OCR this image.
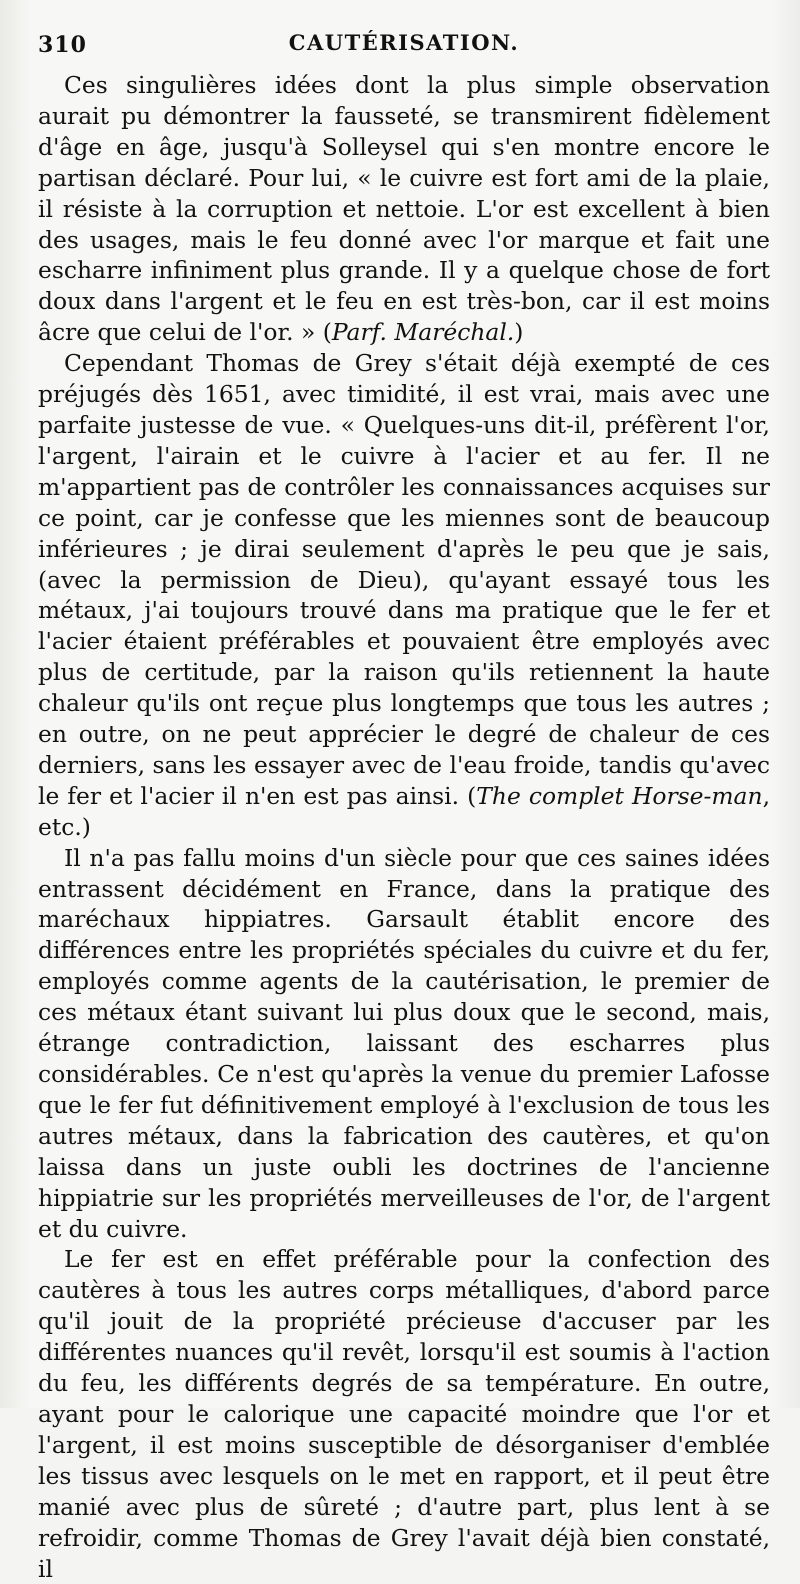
310	CAUTÉRISATION.

Ces singulières idées dont la plus simple observation aurait pu démontrer la fausseté, se transmirent fidèlement d'âge en âge, jusqu'à Solleysel qui s'en montre encore le partisan déclaré. Pour lui, « le cuivre est fort ami de la plaie, il résiste à la corruption et nettoie. L'or est excellent à bien des usages, mais le feu donné avec l'or marque et fait une escharre infiniment plus grande. Il y a quelque chose de fort doux dans l'argent et le feu en est très-bon, car il est moins âcre que celui de l'or. » (Parf. Maréchal.)

Cependant Thomas de Grey s'était déjà exempté de ces préjugés dès 1651, avec timidité, il est vrai, mais avec une parfaite justesse de vue. « Quelques-uns dit-il, préfèrent l'or, l'argent, l'airain et le cuivre à l'acier et au fer. Il ne m'appartient pas de contrôler les connaissances acquises sur ce point, car je confesse que les miennes sont de beaucoup inférieures ; je dirai seulement d'après le peu que je sais, (avec la permission de Dieu), qu'ayant essayé tous les métaux, j'ai toujours trouvé dans ma pratique que le fer et l'acier étaient préférables et pouvaient être employés avec plus de certitude, par la raison qu'ils retiennent la haute chaleur qu'ils ont reçue plus longtemps que tous les autres ; en outre, on ne peut apprécier le degré de chaleur de ces derniers, sans les essayer avec de l'eau froide, tandis qu'avec le fer et l'acier il n'en est pas ainsi. (The complet Horse-man, etc.)

Il n'a pas fallu moins d'un siècle pour que ces saines idées entrassent décidément en France, dans la pratique des maréchaux hippiatres. Garsault établit encore des différences entre les propriétés spéciales du cuivre et du fer, employés comme agents de la cautérisation, le premier de ces métaux étant suivant lui plus doux que le second, mais, étrange contradiction, laissant des escharres plus considérables. Ce n'est qu'après la venue du premier Lafosse que le fer fut définitivement employé à l'exclusion de tous les autres métaux, dans la fabrication des cautères, et qu'on laissa dans un juste oubli les doctrines de l'ancienne hippiatrie sur les propriétés merveilleuses de l'or, de l'argent et du cuivre.

Le fer est en effet préférable pour la confection des cautères à tous les autres corps métalliques, d'abord parce qu'il jouit de la propriété précieuse d'accuser par les différentes nuances qu'il revêt, lorsqu'il est soumis à l'action du feu, les différents degrés de sa température. En outre, ayant pour le calorique une capacité moindre que l'or et l'argent, il est moins susceptible de désorganiser d'emblée les tissus avec lesquels on le met en rapport, et il peut être manié avec plus de sûreté ; d'autre part, plus lent à se refroidir, comme Thomas de Grey l'avait déjà bien constaté, il
